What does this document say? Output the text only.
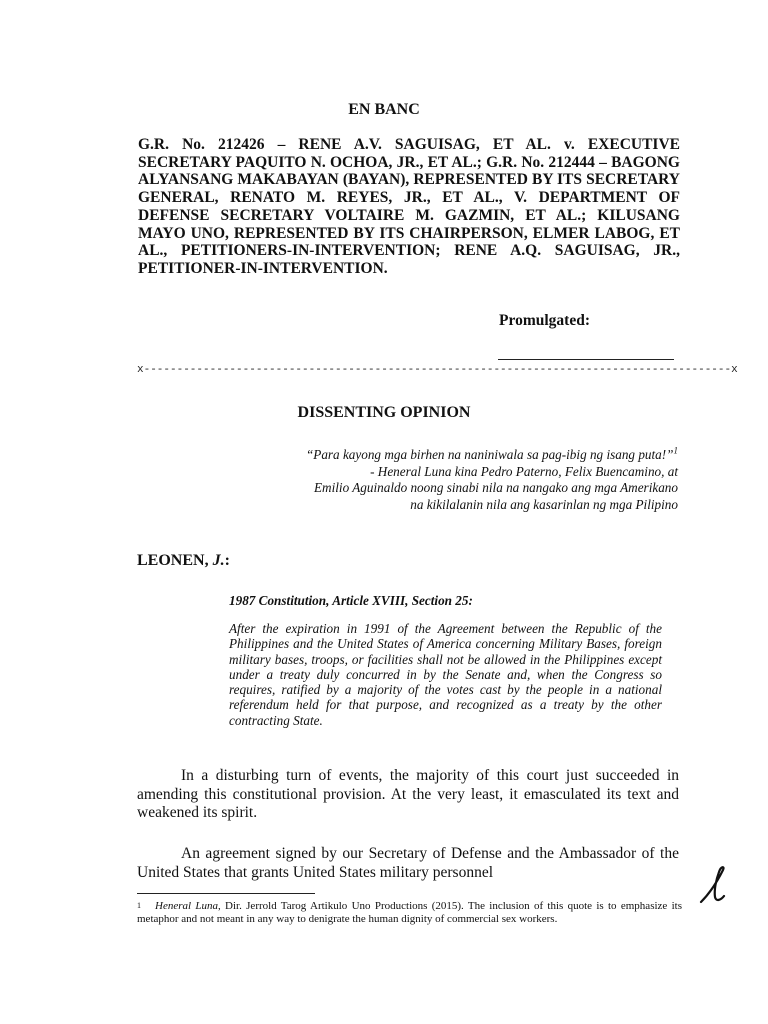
EN BANC

G.R. No. 212426 – RENE A.V. SAGUISAG, ET AL. v. EXECUTIVE SECRETARY PAQUITO N. OCHOA, JR., ET AL.; G.R. No. 212444 – BAGONG ALYANSANG MAKABAYAN (BAYAN), REPRESENTED BY ITS SECRETARY GENERAL, RENATO M. REYES, JR., ET AL., V. DEPARTMENT OF DEFENSE SECRETARY VOLTAIRE M. GAZMIN, ET AL.; KILUSANG MAYO UNO, REPRESENTED BY ITS CHAIRPERSON, ELMER LABOG, ET AL., PETITIONERS-IN-INTERVENTION; RENE A.Q. SAGUISAG, JR., PETITIONER-IN-INTERVENTION.

Promulgated:
x-----------------------------------------------------------------------------------------x
DISSENTING OPINION
“Para kayong mga birhen na naniniwala sa pag-ibig ng isang puta!”$^1$
- Heneral Luna kina Pedro Paterno, Felix Buencamino, at
Emilio Aguinaldo noong sinabi nila na nangako ang mga Amerikano
na kikilalanin nila ang kasarinlan ng mga Pilipino
LEONEN, J.:
1987 Constitution, Article XVIII, Section 25:

After the expiration in 1991 of the Agreement between the Republic of the Philippines and the United States of America concerning Military Bases, foreign military bases, troops, or facilities shall not be allowed in the Philippines except under a treaty duly concurred in by the Senate and, when the Congress so requires, ratified by a majority of the votes cast by the people in a national referendum held for that purpose, and recognized as a treaty by the other contracting State.

In a disturbing turn of events, the majority of this court just succeeded in amending this constitutional provision. At the very least, it emasculated its text and weakened its spirit.

An agreement signed by our Secretary of Defense and the Ambassador of the United States that grants United States military personnel

1	Heneral Luna, Dir. Jerrold Tarog Artikulo Uno Productions (2015). The inclusion of this quote is to emphasize its metaphor and not meant in any way to denigrate the human dignity of commercial sex workers.
